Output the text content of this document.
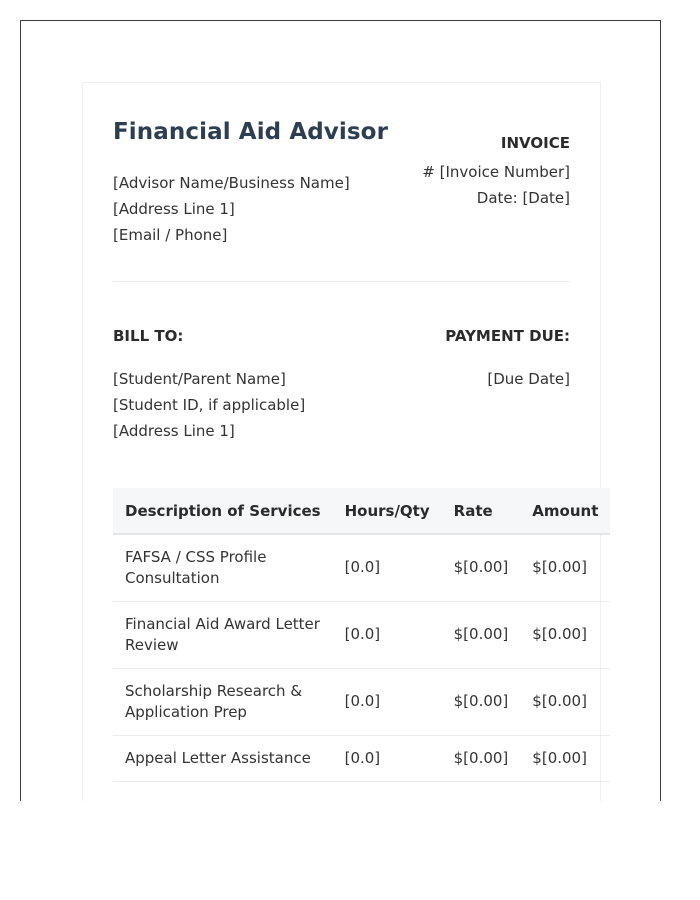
Financial Aid Advisor
[Advisor Name/Business Name]
[Address Line 1]
[Email / Phone]
INVOICE
# [Invoice Number]
Date: [Date]
BILL TO:
[Student/Parent Name]
[Student ID, if applicable]
[Address Line 1]
PAYMENT DUE:
[Due Date]
Description of Services	Hours/Qty	Rate	Amount
FAFSA / CSS Profile Consultation	[0.0]	$[0.00]	$[0.00]
Financial Aid Award Letter Review	[0.0]	$[0.00]	$[0.00]
Scholarship Research & Application Prep	[0.0]	$[0.00]	$[0.00]
Appeal Letter Assistance	[0.0]	$[0.00]	$[0.00]
